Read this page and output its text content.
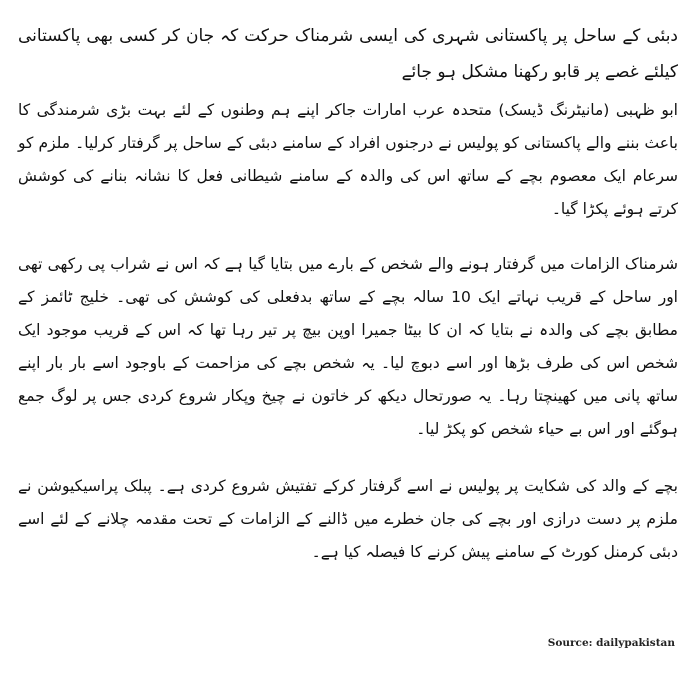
دبئی کے ساحل پر پاکستانی شہری کی ایسی شرمناک حرکت کہ جان کر کسی بھی پاکستانی کیلئے غصے پر قابو رکھنا مشکل ہو جائے

ابو ظہبی (مانیٹرنگ ڈیسک) متحدہ عرب امارات جاکر اپنے ہم وطنوں کے لئے بہت بڑی شرمندگی کا باعث بننے والے پاکستانی کو پولیس نے درجنوں افراد کے سامنے دبئی کے ساحل پر گرفتار کرلیا۔ ملزم کو سرعام ایک معصوم بچے کے ساتھ اس کی والدہ کے سامنے شیطانی فعل کا نشانہ بنانے کی کوشش کرتے ہوئے پکڑا گیا۔

شرمناک الزامات میں گرفتار ہونے والے شخص کے بارے میں بتایا گیا ہے کہ اس نے شراب پی رکھی تھی اور ساحل کے قریب نہاتے ایک 10 سالہ بچے کے ساتھ بدفعلی کی کوشش کی تھی۔ خلیج ٹائمز کے مطابق بچے کی والدہ نے بتایا کہ ان کا بیٹا جمیرا اوپن بیچ پر تیر رہا تھا کہ اس کے قریب موجود ایک شخص اس کی طرف بڑھا اور اسے دبوچ لیا۔ یہ شخص بچے کی مزاحمت کے باوجود اسے بار بار اپنے ساتھ پانی میں کھینچتا رہا۔ یہ صورتحال دیکھ کر خاتون نے چیخ وپکار شروع کردی جس پر لوگ جمع ہوگئے اور اس بے حیاء شخص کو پکڑ لیا۔

بچے کے والد کی شکایت پر پولیس نے اسے گرفتار کرکے تفتیش شروع کردی ہے۔ پبلک پراسیکیوشن نے ملزم پر دست درازی اور بچے کی جان خطرے میں ڈالنے کے الزامات کے تحت مقدمہ چلانے کے لئے اسے دبئی کرمنل کورٹ کے سامنے پیش کرنے کا فیصلہ کیا ہے۔

Source: dailypakistan
